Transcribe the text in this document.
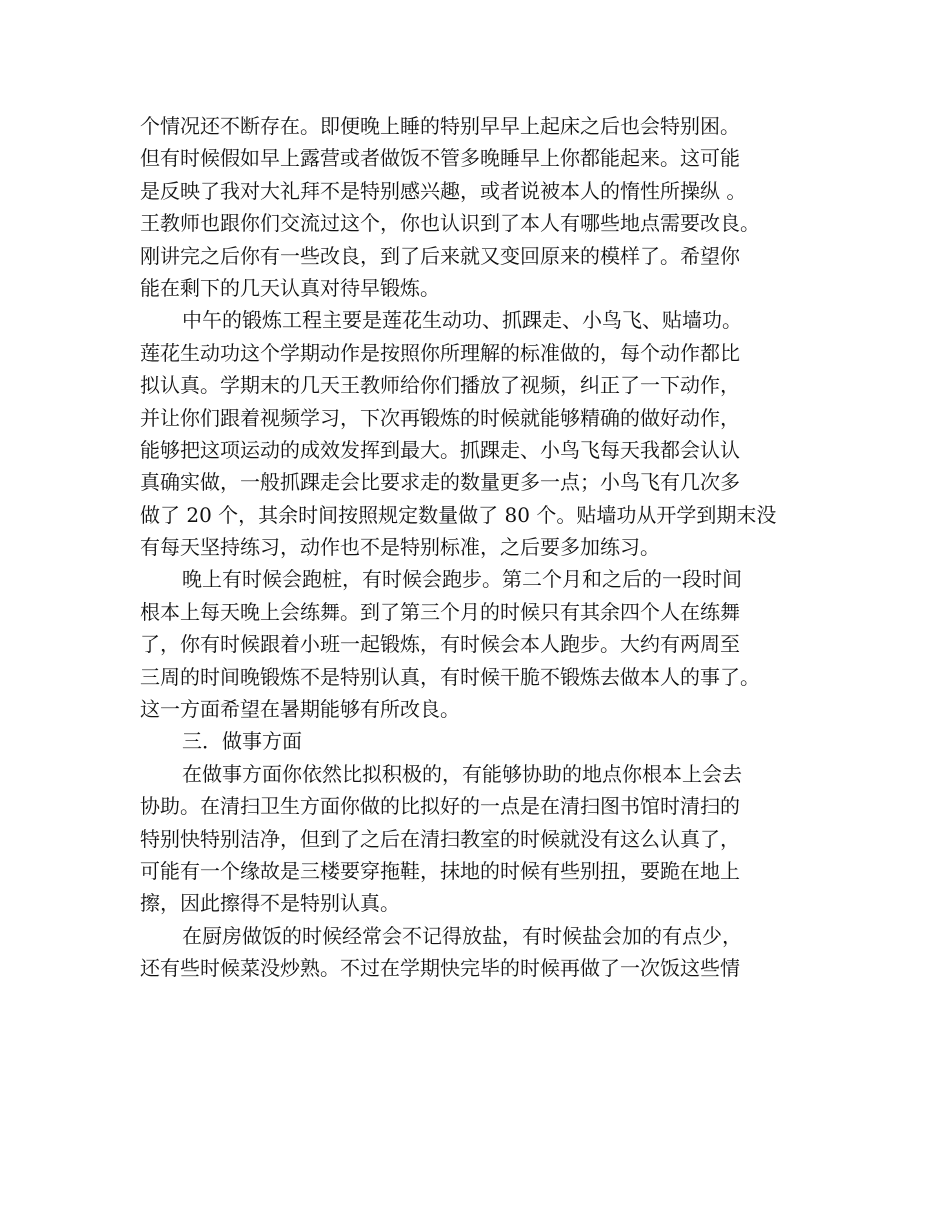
个情况还不断存在。即便晚上睡的特别早早上起床之后也会特别困。
但有时候假如早上露营或者做饭不管多晚睡早上你都能起来。这可能
是反映了我对大礼拜不是特别感兴趣，或者说被本人的惰性所操纵 。
王教师也跟你们交流过这个，你也认识到了本人有哪些地点需要改良。
刚讲完之后你有一些改良，到了后来就又变回原来的模样了。希望你
能在剩下的几天认真对待早锻炼。
中午的锻炼工程主要是莲花生动功、抓踝走、小鸟飞、贴墙功。
莲花生动功这个学期动作是按照你所理解的标准做的，每个动作都比
拟认真。学期末的几天王教师给你们播放了视频，纠正了一下动作，
并让你们跟着视频学习，下次再锻炼的时候就能够精确的做好动作，
能够把这项运动的成效发挥到最大。抓踝走、小鸟飞每天我都会认认
真确实做，一般抓踝走会比要求走的数量更多一点；小鸟飞有几次多
做了 20 个，其余时间按照规定数量做了 80 个。贴墙功从开学到期末没
有每天坚持练习，动作也不是特别标准，之后要多加练习。
晚上有时候会跑桩，有时候会跑步。第二个月和之后的一段时间
根本上每天晚上会练舞。到了第三个月的时候只有其余四个人在练舞
了，你有时候跟着小班一起锻炼，有时候会本人跑步。大约有两周至
三周的时间晚锻炼不是特别认真，有时候干脆不锻炼去做本人的事了。
这一方面希望在暑期能够有所改良。
三．做事方面
在做事方面你依然比拟积极的，有能够协助的地点你根本上会去
协助。在清扫卫生方面你做的比拟好的一点是在清扫图书馆时清扫的
特别快特别洁净，但到了之后在清扫教室的时候就没有这么认真了，
可能有一个缘故是三楼要穿拖鞋，抹地的时候有些别扭，要跪在地上
擦，因此擦得不是特别认真。
在厨房做饭的时候经常会不记得放盐，有时候盐会加的有点少，
还有些时候菜没炒熟。不过在学期快完毕的时候再做了一次饭这些情
